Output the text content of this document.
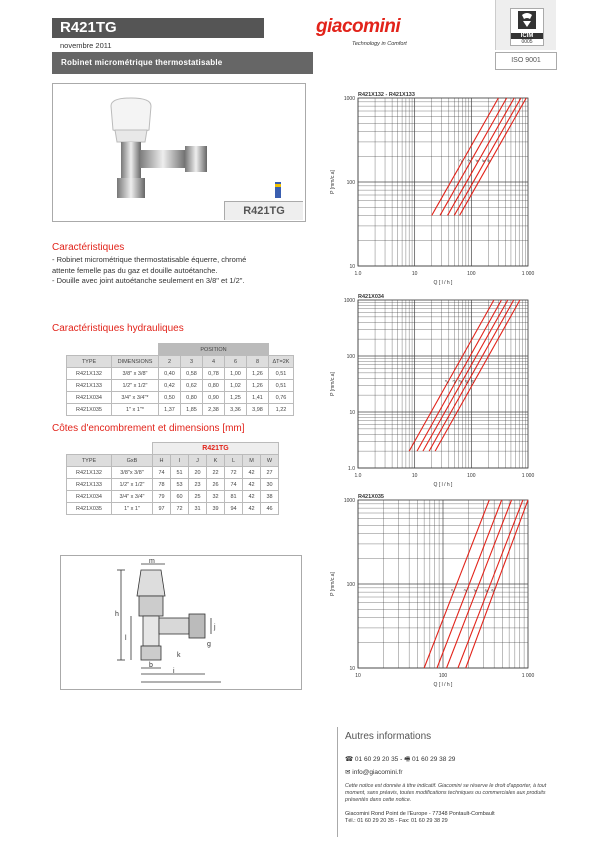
R421TG
novembre 2011
Robinet micrométrique thermostatisable
giacomini
Technology in Comfort
ICIM
0005
ISO 9001
R421TG
Caractéristiques
- Robinet micrométrique thermostatisable équerre, chromé
attente femelle pas du gaz et douille autoétanche.
- Douille avec joint autoétanche seulement en 3/8" et 1/2".
Caractéristiques hydrauliques
		POSITION					
TYPE	DIMENSIONS	2	3	4	6	8	ΔT=2K
R421X132	3/8" x 3/8"	0,40	0,58	0,78	1,00	1,26	0,51
R421X133	1/2" x 1/2"	0,42	0,62	0,80	1,02	1,26	0,51
R421X034	3/4" x 3/4"*	0,50	0,80	0,90	1,25	1,41	0,76
R421X035	1" x 1"*	1,37	1,85	2,38	3,36	3,98	1,22
Côtes d'encombrement et dimensions [mm]
		R421TG						
TYPE	GxB	H	I	J	K	L	M	W
R421X132	3/8"x 3/8"	74	51	20	22	72	42	27
R421X133	1/2" x 1/2"	78	53	23	26	74	42	30
R421X034	3/4" x 3/4"	79	60	25	32	81	42	38
R421X035	1" x 1"	97	72	31	39	94	42	46
m
h
l
j
b
k
g
i
R421X132 - R421X133
2 3 4 6 8
1.0	10	100	1 000
10
100
1000
Q [ l / h ]
P [mm/c.a]
R421X034
2 3 4 6 8
1.0	10	100	1 000
1.0
10
100
1000
Q [ l / h ]
P [mm/c.a]
R421X035
2 3 4 6 8
10	100	1 000
10
100
1000
Q [ l / h ]
P [mm/c.a]
Autres informations
☎ 01 60 29 20 35 - 🖷 01 60 29 38 29
✉ info@giacomini.fr
Cette notice est donnée à titre indicatif. Giacomini se réserve le droit d'apporter, à tout moment, sans préavis, toutes modifications techniques ou commerciales aux produits présentés dans cette notice.
Giacomini Rond Point de l'Europe - 77348 Pontault-Combault
Tél.: 01 60 29 20 35 - Fax: 01 60 29 38 29
